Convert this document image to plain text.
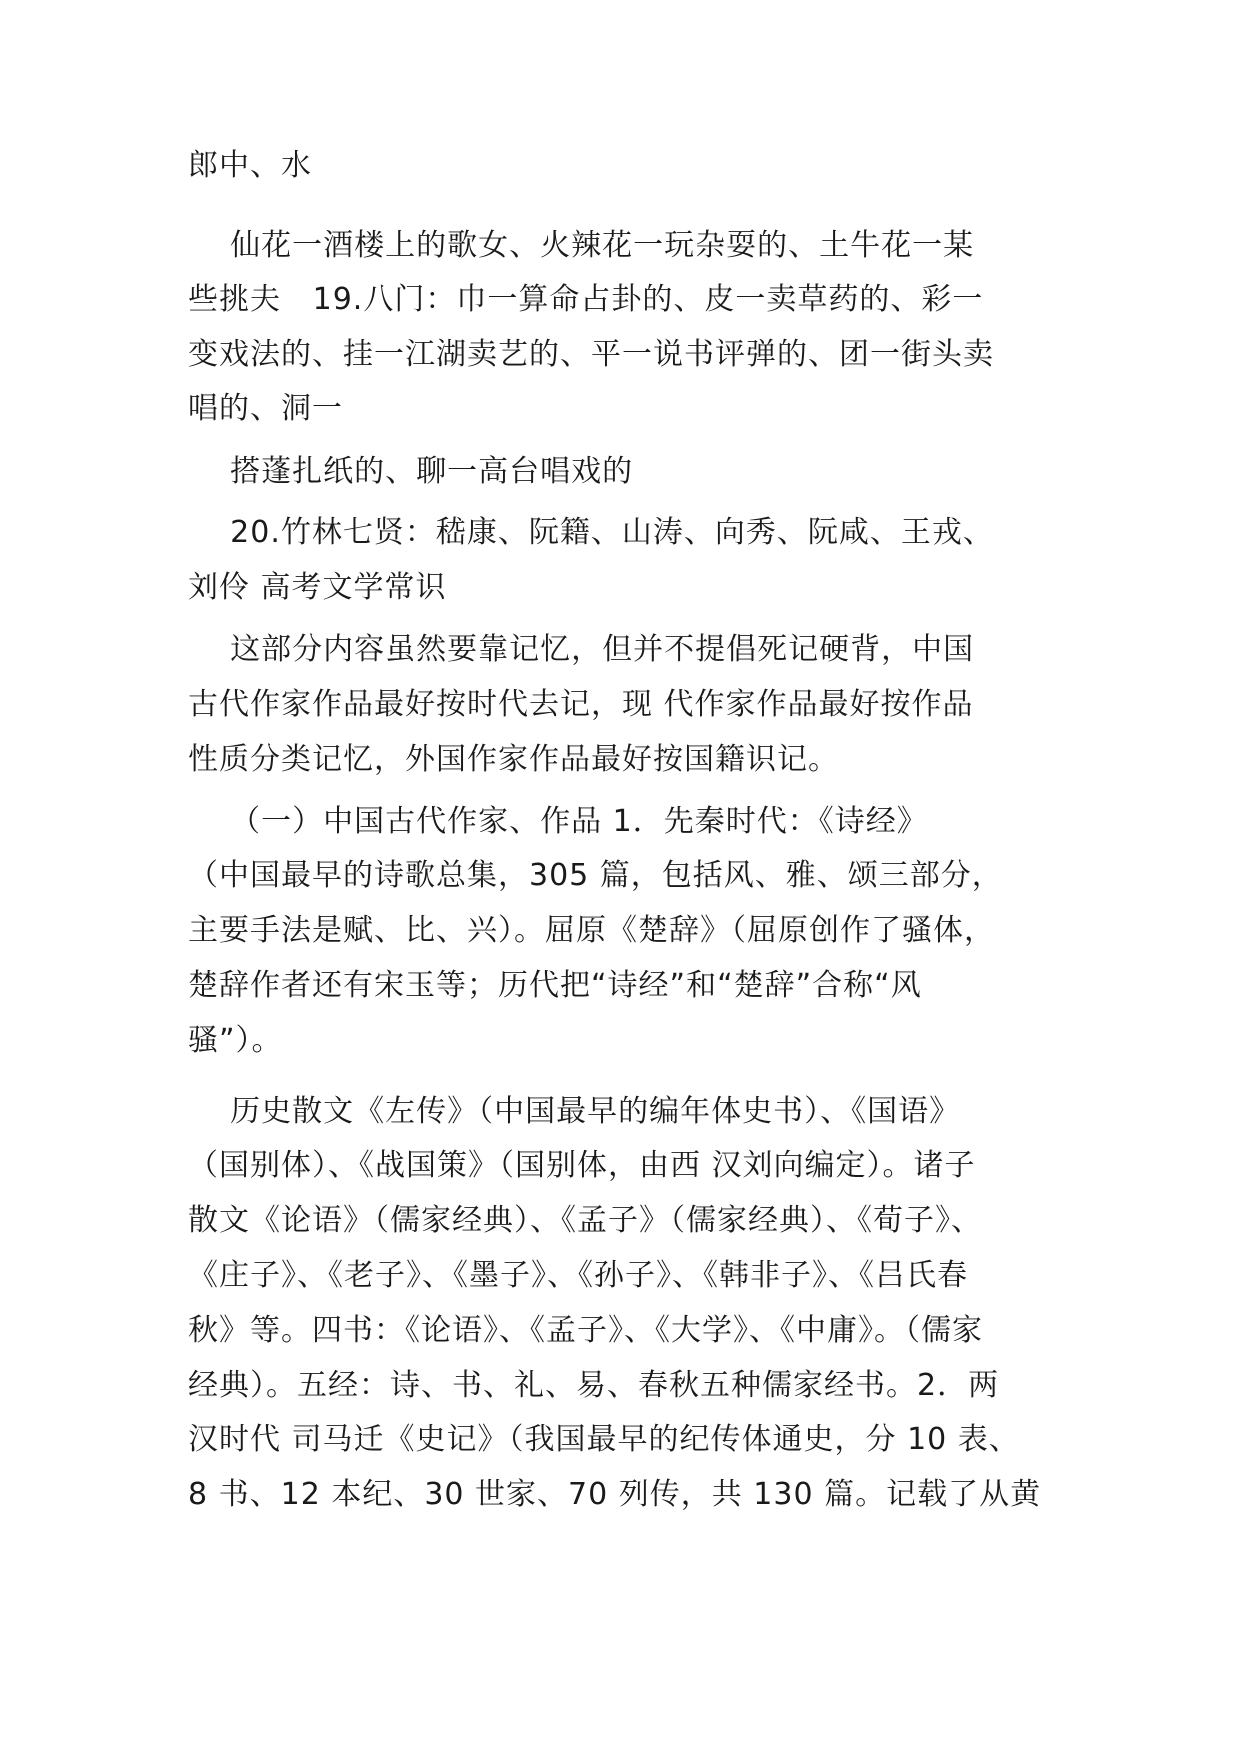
郎中、水

仙花一酒楼上的歌女、火辣花一玩杂耍的、土牛花一某

些挑夫   19.八门：巾一算命占卦的、皮一卖草药的、彩一

变戏法的、挂一江湖卖艺的、平一说书评弹的、团一街头卖

唱的、洞一

搭蓬扎纸的、聊一高台唱戏的

20.竹林七贤：嵇康、阮籍、山涛、向秀、阮咸、王戎、

刘伶 高考文学常识

这部分内容虽然要靠记忆，但并不提倡死记硬背，中国

古代作家作品最好按时代去记，现 代作家作品最好按作品

性质分类记忆，外国作家作品最好按国籍识记。

（一）中国古代作家、作品 1．先秦时代：《诗经》

（中国最早的诗歌总集，305 篇，包括风、雅、颂三部分，

主要手法是赋、比、兴）。屈原《楚辞》（屈原创作了骚体，

楚辞作者还有宋玉等；历代把“诗经”和“楚辞”合称“风

骚”）。

历史散文《左传》（中国最早的编年体史书）、《国语》

（国别体）、《战国策》（国别体，由西 汉刘向编定）。诸子

散文《论语》（儒家经典）、《孟子》（儒家经典）、《荀子》、

《庄子》、《老子》、《墨子》、《孙子》、《韩非子》、《吕氏春

秋》等。四书：《论语》、《孟子》、《大学》、《中庸》。（儒家

经典）。五经：诗、书、礼、易、春秋五种儒家经书。2．两

汉时代 司马迁《史记》（我国最早的纪传体通史，分 10 表、

8 书、12 本纪、30 世家、70 列传，共 130 篇。记载了从黄
